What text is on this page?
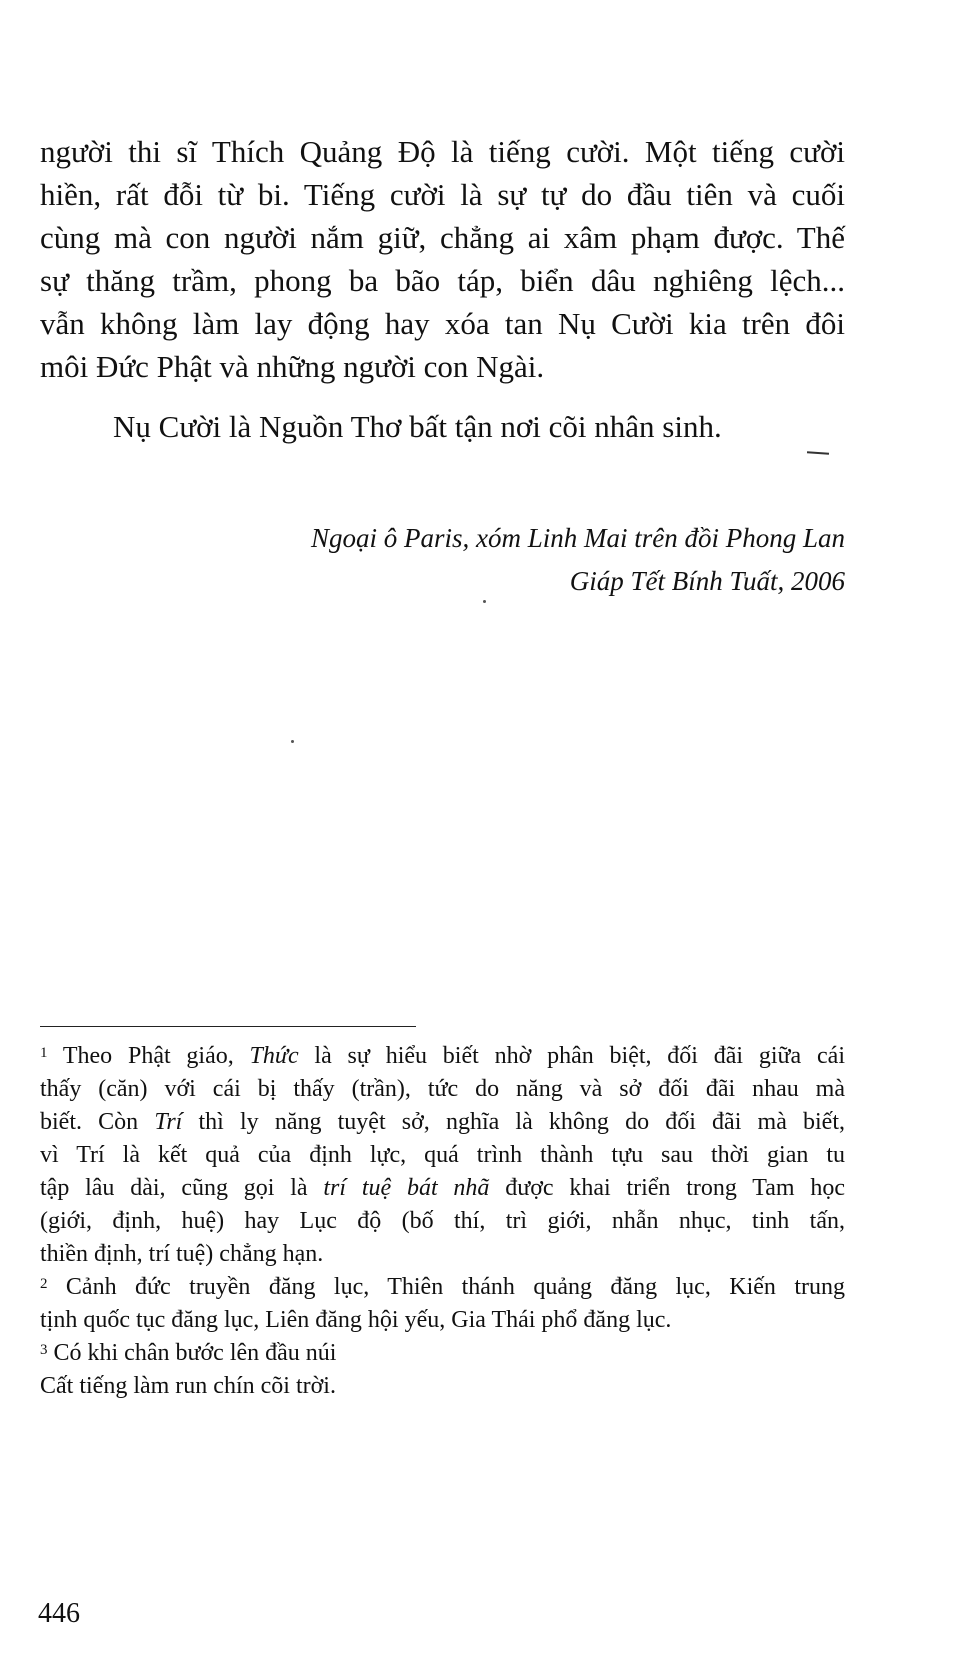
người thi sĩ Thích Quảng Độ là tiếng cười. Một tiếng cười
hiền, rất đỗi từ bi. Tiếng cười là sự tự do đầu tiên và cuối
cùng mà con người nắm giữ, chẳng ai xâm phạm được. Thế
sự thăng trầm, phong ba bão táp, biển dâu nghiêng lệch...
vẫn không làm lay động hay xóa tan Nụ Cười kia trên đôi
môi Đức Phật và những người con Ngài.
Nụ Cười là Nguồn Thơ bất tận nơi cõi nhân sinh.
Ngoại ô Paris, xóm Linh Mai trên đồi Phong Lan
Giáp Tết Bính Tuất, 2006
$^1$ Theo Phật giáo, Thức là sự hiểu biết nhờ phân biệt, đối đãi giữa cái
thấy (căn) với cái bị thấy (trần), tức do năng và sở đối đãi nhau mà
biết. Còn Trí thì ly năng tuyệt sở, nghĩa là không do đối đãi mà biết,
vì Trí là kết quả của định lực, quá trình thành tựu sau thời gian tu
tập lâu dài, cũng gọi là trí tuệ bát nhã được khai triển trong Tam học
(giới, định, huệ) hay Lục độ (bố thí, trì giới, nhẫn nhục, tinh tấn,
thiền định, trí tuệ) chẳng hạn.
$^2$ Cảnh đức truyền đăng lục, Thiên thánh quảng đăng lục, Kiến trung
tịnh quốc tục đăng lục, Liên đăng hội yếu, Gia Thái phổ đăng lục.
$^3$ Có khi chân bước lên đầu núi
Cất tiếng làm run chín cõi trời.
446
